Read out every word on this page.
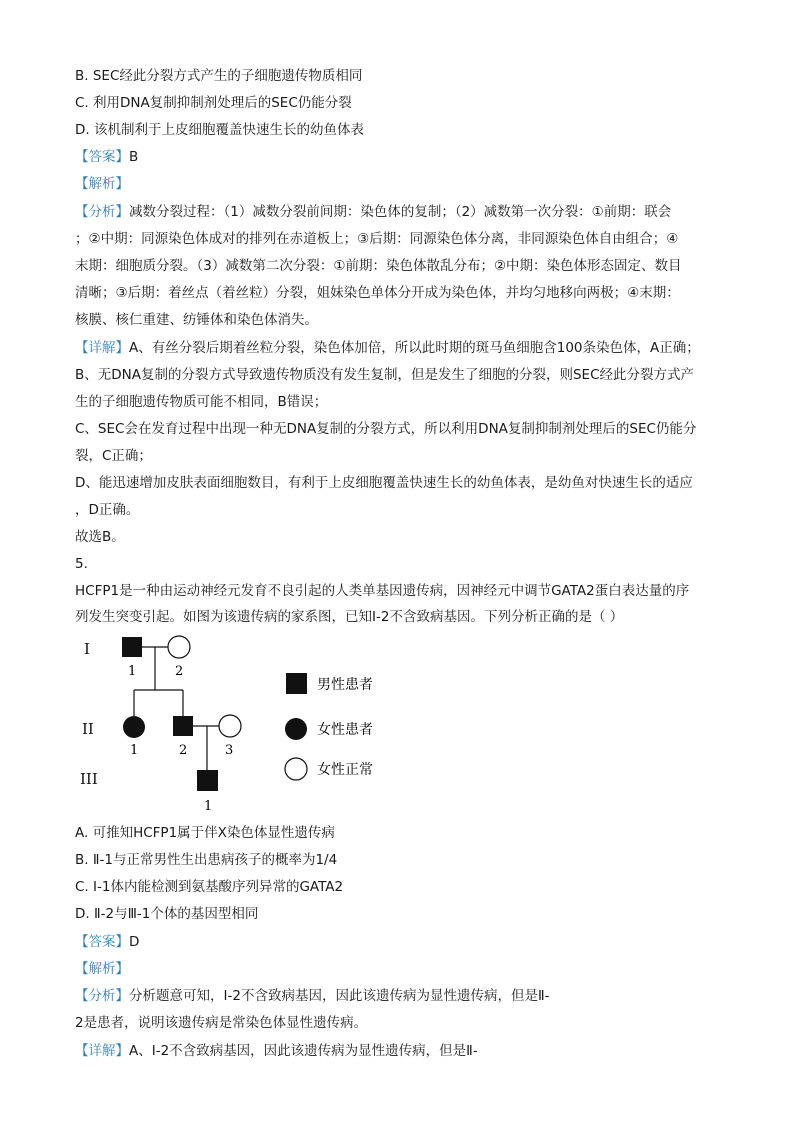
B. SEC经此分裂方式产生的子细胞遗传物质相同
C. 利用DNA复制抑制剂处理后的SEC仍能分裂
D. 该机制利于上皮细胞覆盖快速生长的幼鱼体表
【答案】B
【解析】
【分析】减数分裂过程：（1）减数分裂前间期：染色体的复制；（2）减数第一次分裂：①前期：联会
；②中期：同源染色体成对的排列在赤道板上；③后期：同源染色体分离，非同源染色体自由组合；④
末期：细胞质分裂。（3）减数第二次分裂：①前期：染色体散乱分布；②中期：染色体形态固定、数目
清晰；③后期：着丝点（着丝粒）分裂，姐妹染色单体分开成为染色体，并均匀地移向两极；④末期：
核膜、核仁重建、纺锤体和染色体消失。
【详解】A、有丝分裂后期着丝粒分裂，染色体加倍，所以此时期的斑马鱼细胞含100条染色体，A正确；
B、无DNA复制的分裂方式导致遗传物质没有发生复制，但是发生了细胞的分裂，则SEC经此分裂方式产
生的子细胞遗传物质可能不相同，B错误；
C、SEC会在发育过程中出现一种无DNA复制的分裂方式，所以利用DNA复制抑制剂处理后的SEC仍能分
裂，C正确；
D、能迅速增加皮肤表面细胞数目，有利于上皮细胞覆盖快速生长的幼鱼体表，是幼鱼对快速生长的适应
，D正确。
故选B。
5.
HCFP1是一种由运动神经元发育不良引起的人类单基因遗传病，因神经元中调节GATA2蛋白表达量的序
列发生突变引起。如图为该遗传病的家系图，已知I-2不含致病基因。下列分析正确的是（ ）
I
II
III
1	2
1	2	3
1
男性患者
女性患者
女性正常
A. 可推知HCFP1属于伴X染色体显性遗传病
B. Ⅱ-1与正常男性生出患病孩子的概率为1/4
C. I-1体内能检测到氨基酸序列异常的GATA2
D. Ⅱ-2与Ⅲ-1个体的基因型相同
【答案】D
【解析】
【分析】分析题意可知，I-2不含致病基因，因此该遗传病为显性遗传病，但是Ⅱ-
2是患者，说明该遗传病是常染色体显性遗传病。
【详解】A、I-2不含致病基因，因此该遗传病为显性遗传病，但是Ⅱ-
